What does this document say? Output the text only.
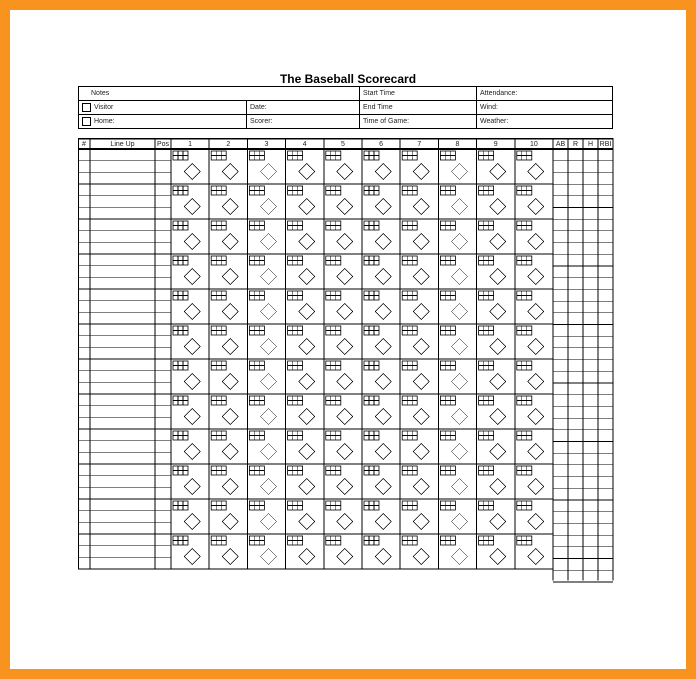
The Baseball Scorecard
Notes		Start Time	Attendance:
Visitor	Date:	End Time	Wind:
Home:	Scorer:	Time of Game:	Weather:
#	Line Up	Pos	1	2	3	4	5	6	7	8	9	10	AB R H RBI
